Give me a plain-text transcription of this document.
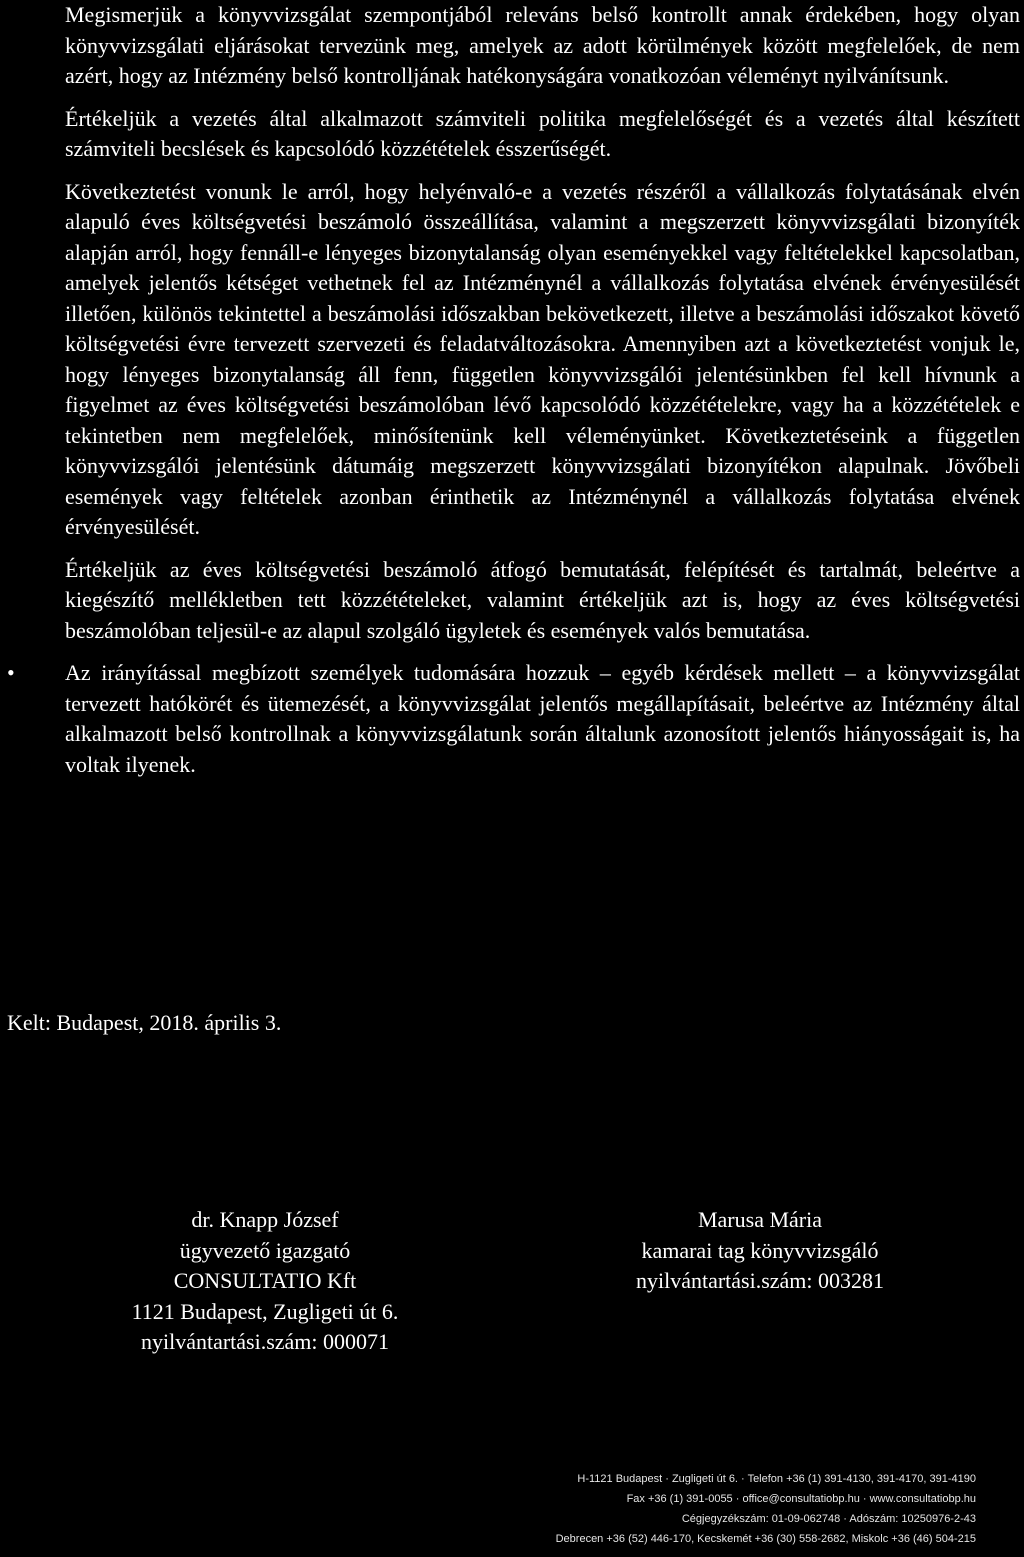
Megismerjük a könyvvizsgálat szempontjából releváns belső kontrollt annak érdekében, hogy olyan könyvvizsgálati eljárásokat tervezünk meg, amelyek az adott körülmények között megfelelőek, de nem azért, hogy az Intézmény belső kontrolljának hatékonyságára vonatkozóan véleményt nyilvánítsunk.

Értékeljük a vezetés által alkalmazott számviteli politika megfelelőségét és a vezetés által készített számviteli becslések és kapcsolódó közzétételek ésszerűségét.

Következtetést vonunk le arról, hogy helyénvaló-e a vezetés részéről a vállalkozás folytatásának elvén alapuló éves költségvetési beszámoló összeállítása, valamint a megszerzett könyvvizsgálati bizonyíték alapján arról, hogy fennáll-e lényeges bizonytalanság olyan eseményekkel vagy feltételekkel kapcsolatban, amelyek jelentős kétséget vethetnek fel az Intézménynél a vállalkozás folytatása elvének érvényesülését illetően, különös tekintettel a beszámolási időszakban bekövetkezett, illetve a beszámolási időszakot követő költségvetési évre tervezett szervezeti és feladatváltozásokra. Amennyiben azt a következtetést vonjuk le, hogy lényeges bizonytalanság áll fenn, független könyvvizsgálói jelentésünkben fel kell hívnunk a figyelmet az éves költségvetési beszámolóban lévő kapcsolódó közzétételekre, vagy ha a közzétételek e tekintetben nem megfelelőek, minősítenünk kell véleményünket. Következtetéseink a független könyvvizsgálói jelentésünk dátumáig megszerzett könyvvizsgálati bizonyítékon alapulnak. Jövőbeli események vagy feltételek azonban érinthetik az Intézménynél a vállalkozás folytatása elvének érvényesülését.

Értékeljük az éves költségvetési beszámoló átfogó bemutatását, felépítését és tartalmát, beleértve a kiegészítő mellékletben tett közzétételeket, valamint értékeljük azt is, hogy az éves költségvetési beszámolóban teljesül-e az alapul szolgáló ügyletek és események valós bemutatása.

• Az irányítással megbízott személyek tudomására hozzuk – egyéb kérdések mellett – a könyvvizsgálat tervezett hatókörét és ütemezését, a könyvvizsgálat jelentős megállapításait, beleértve az Intézmény által alkalmazott belső kontrollnak a könyvvizsgálatunk során általunk azonosított jelentős hiányosságait is, ha voltak ilyenek.

Kelt: Budapest, 2018. április 3.
dr. Knapp József
ügyvezető igazgató
CONSULTATIO Kft
1121 Budapest, Zugligeti út 6.
nyilvántartási.szám: 000071
Marusa Mária
kamarai tag könyvvizsgáló
nyilvántartási.szám: 003281
H-1121 Budapest · Zugligeti út 6. · Telefon +36 (1) 391-4130, 391-4170, 391-4190
Fax +36 (1) 391-0055 · office@consultatiobp.hu · www.consultatiobp.hu
Cégjegyzékszám: 01-09-062748 · Adószám: 10250976-2-43
Debrecen +36 (52) 446-170, Kecskemét +36 (30) 558-2682, Miskolc +36 (46) 504-215
